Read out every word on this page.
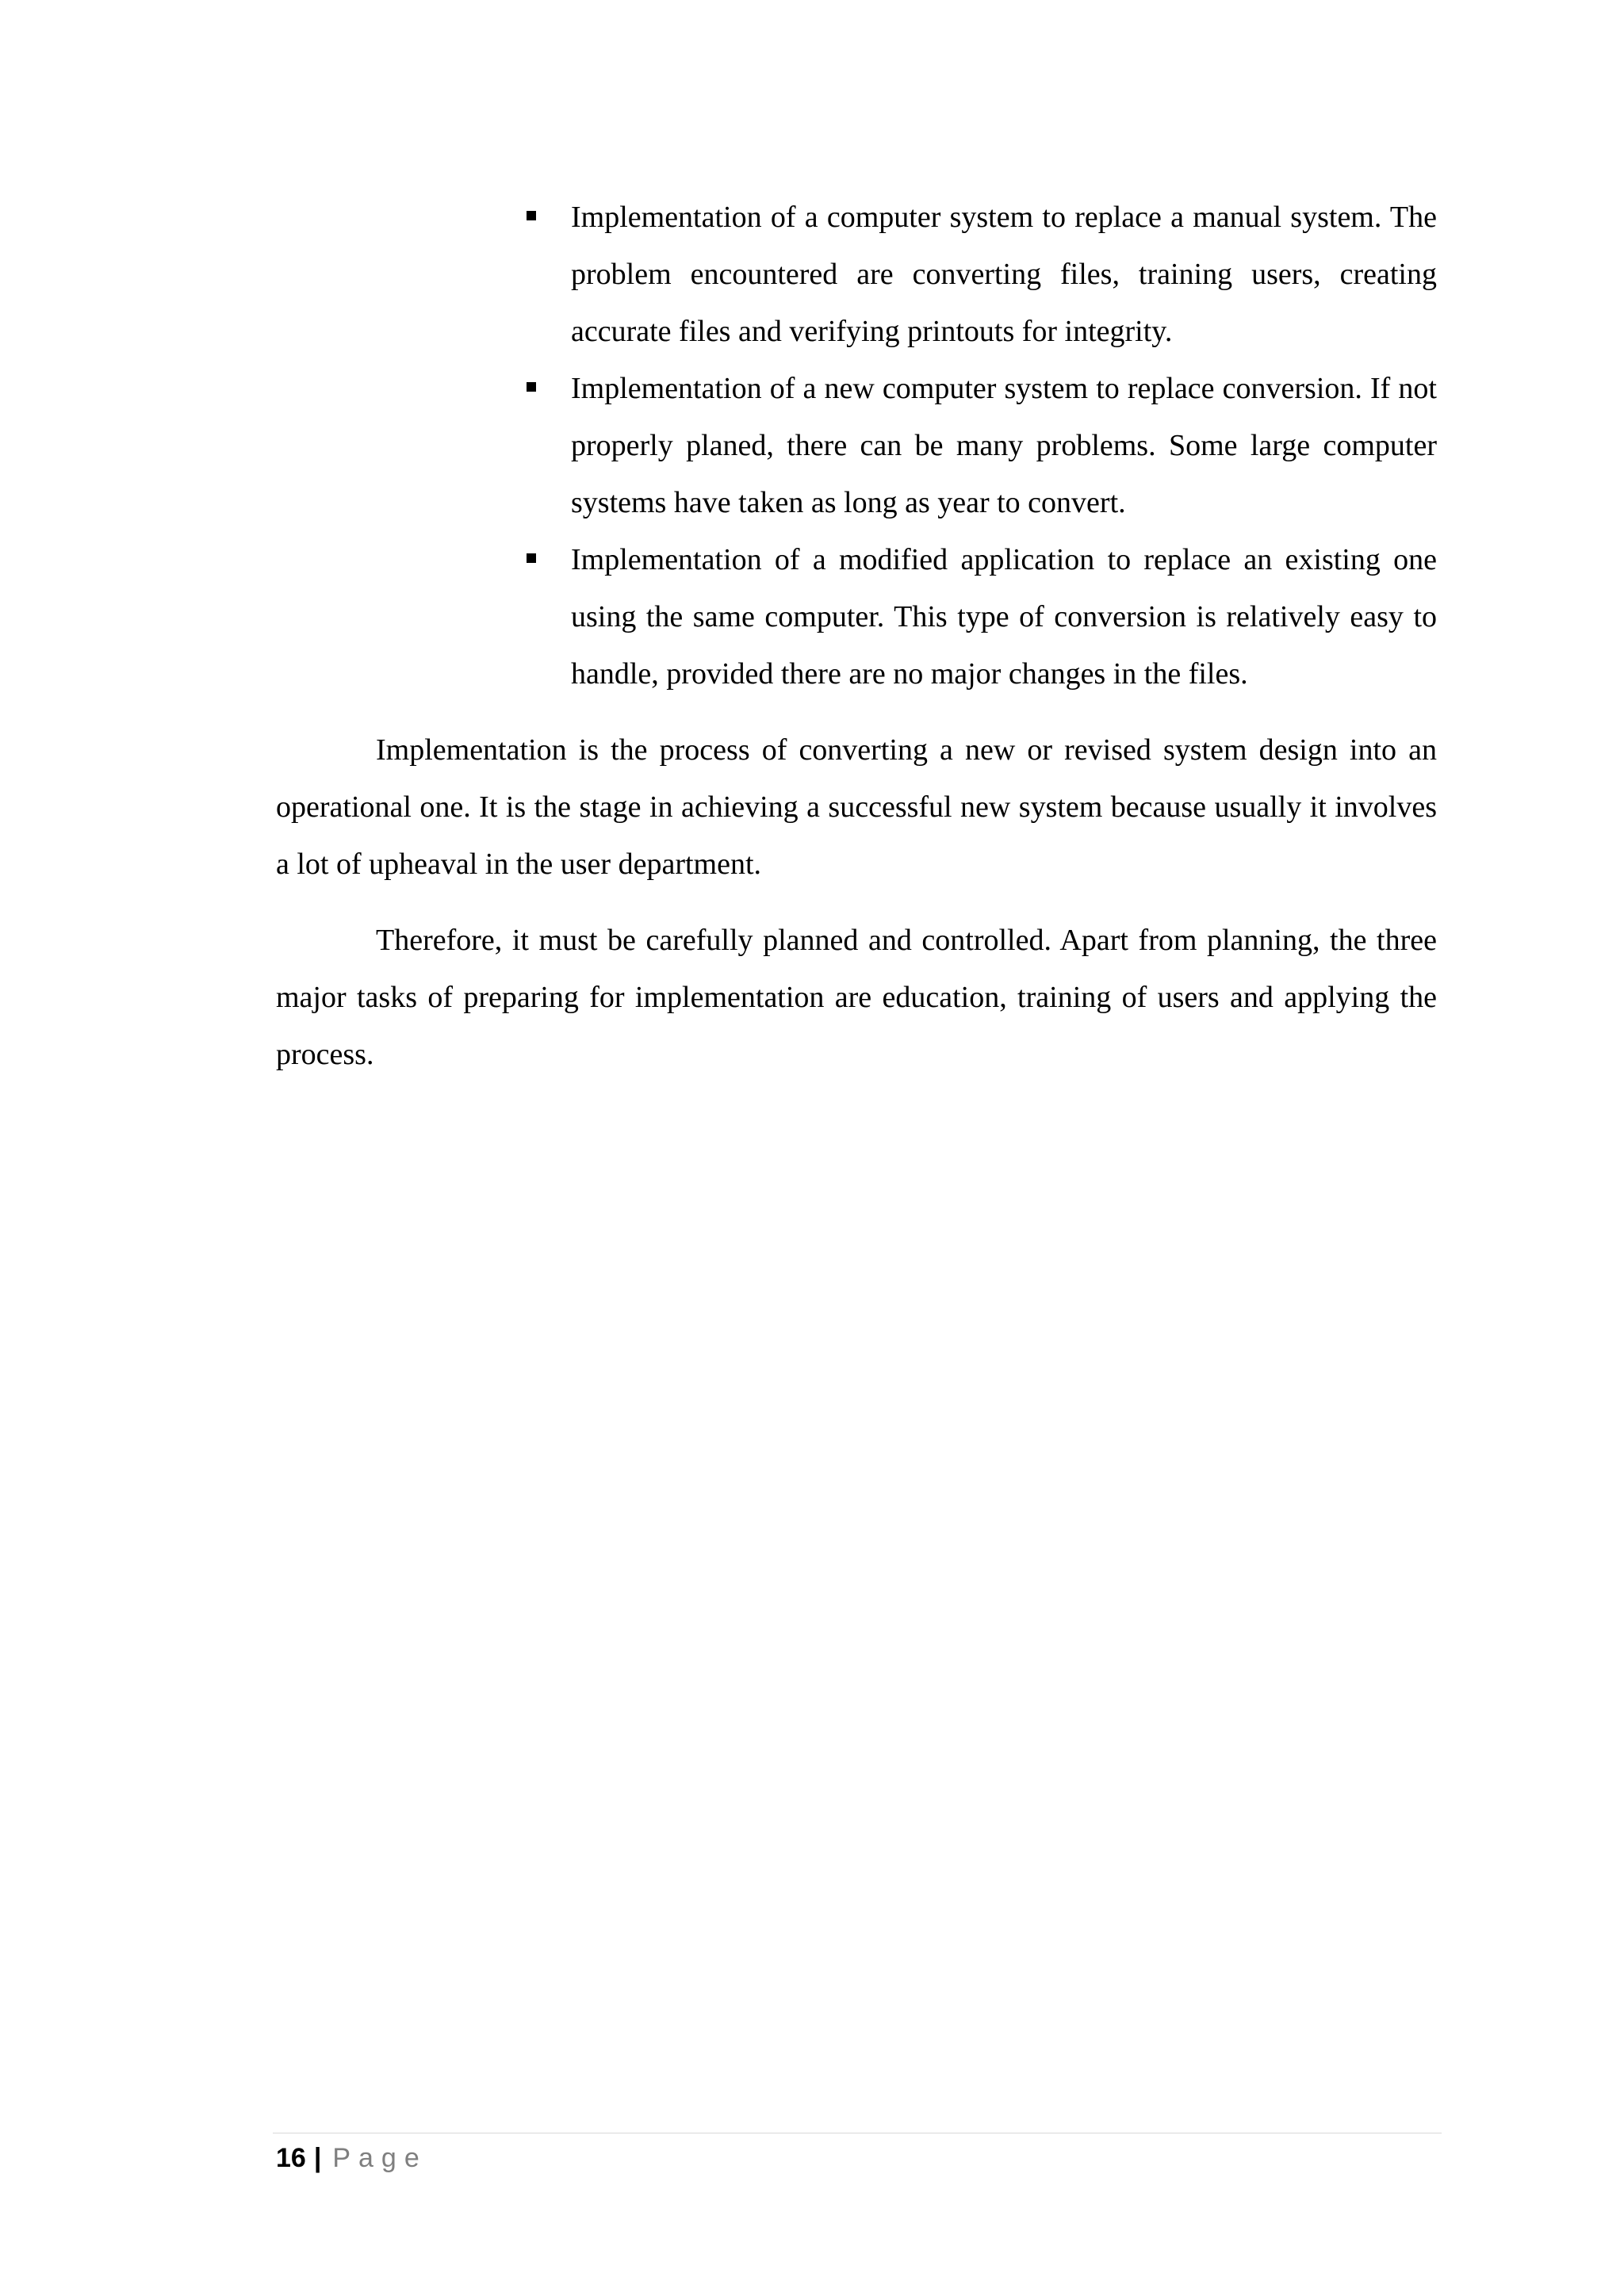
Implementation of a computer system to replace a manual system. The problem encountered are converting files, training users, creating accurate files and verifying printouts for integrity.
Implementation of a new computer system to replace conversion. If not properly planed, there can be many problems. Some large computer systems have taken as long as year to convert.
Implementation of a modified application to replace an existing one using the same computer. This type of conversion is relatively easy to handle, provided there are no major changes in the files.

Implementation is the process of converting a new or revised system design into an operational one. It is the stage in achieving a successful new system because usually it involves a lot of upheaval in the user department.

Therefore, it must be carefully planned and controlled. Apart from planning, the three major tasks of preparing for implementation are education, training of users and applying the process.

16 | Page
